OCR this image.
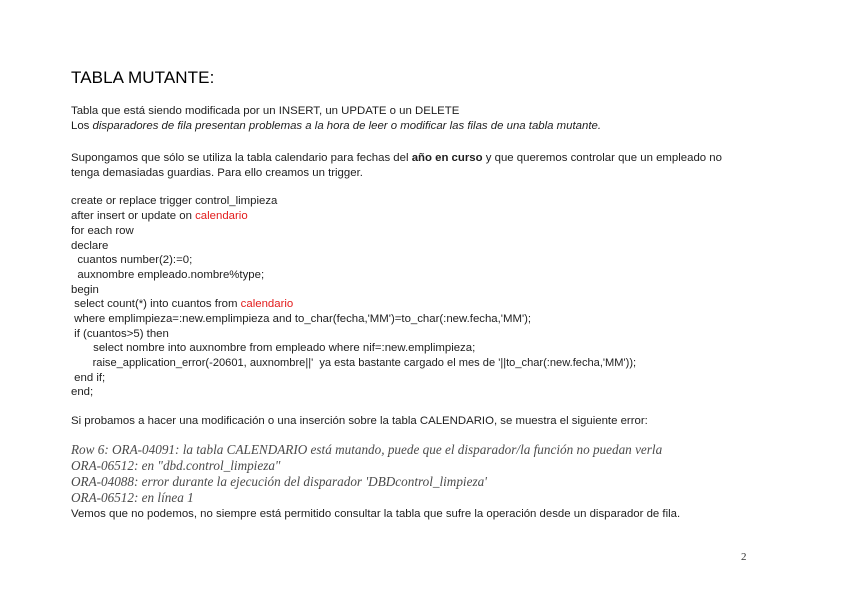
TABLA MUTANTE:
Tabla que está siendo modificada por un INSERT, un UPDATE o un DELETE
Los disparadores de fila presentan problemas a la hora de leer o modificar las filas de una tabla mutante.
Supongamos que sólo se utiliza la tabla calendario para fechas del año en curso y que queremos controlar que un empleado no
tenga demasiadas guardias. Para ello creamos un trigger.
create or replace trigger control_limpieza
after insert or update on calendario
for each row
declare
cuantos number(2):=0;
auxnombre empleado.nombre%type;
begin
select count(*) into cuantos from calendario
where emplimpieza=:new.emplimpieza and to_char(fecha,'MM')=to_char(:new.fecha,'MM');
if (cuantos>5) then
select nombre into auxnombre from empleado where nif=:new.emplimpieza;
raise_application_error(-20601, auxnombre||'  ya esta bastante cargado el mes de '||to_char(:new.fecha,'MM'));
end if;
end;
Si probamos a hacer una modificación o una inserción sobre la tabla CALENDARIO, se muestra el siguiente error:
Row 6: ORA-04091: la tabla CALENDARIO está mutando, puede que el disparador/la función no puedan verla
ORA-06512: en "dbd.control_limpieza"
ORA-04088: error durante la ejecución del disparador 'DBDcontrol_limpieza'
ORA-06512: en línea 1
Vemos que no podemos, no siempre está permitido consultar la tabla que sufre la operación desde un disparador de fila.
2
